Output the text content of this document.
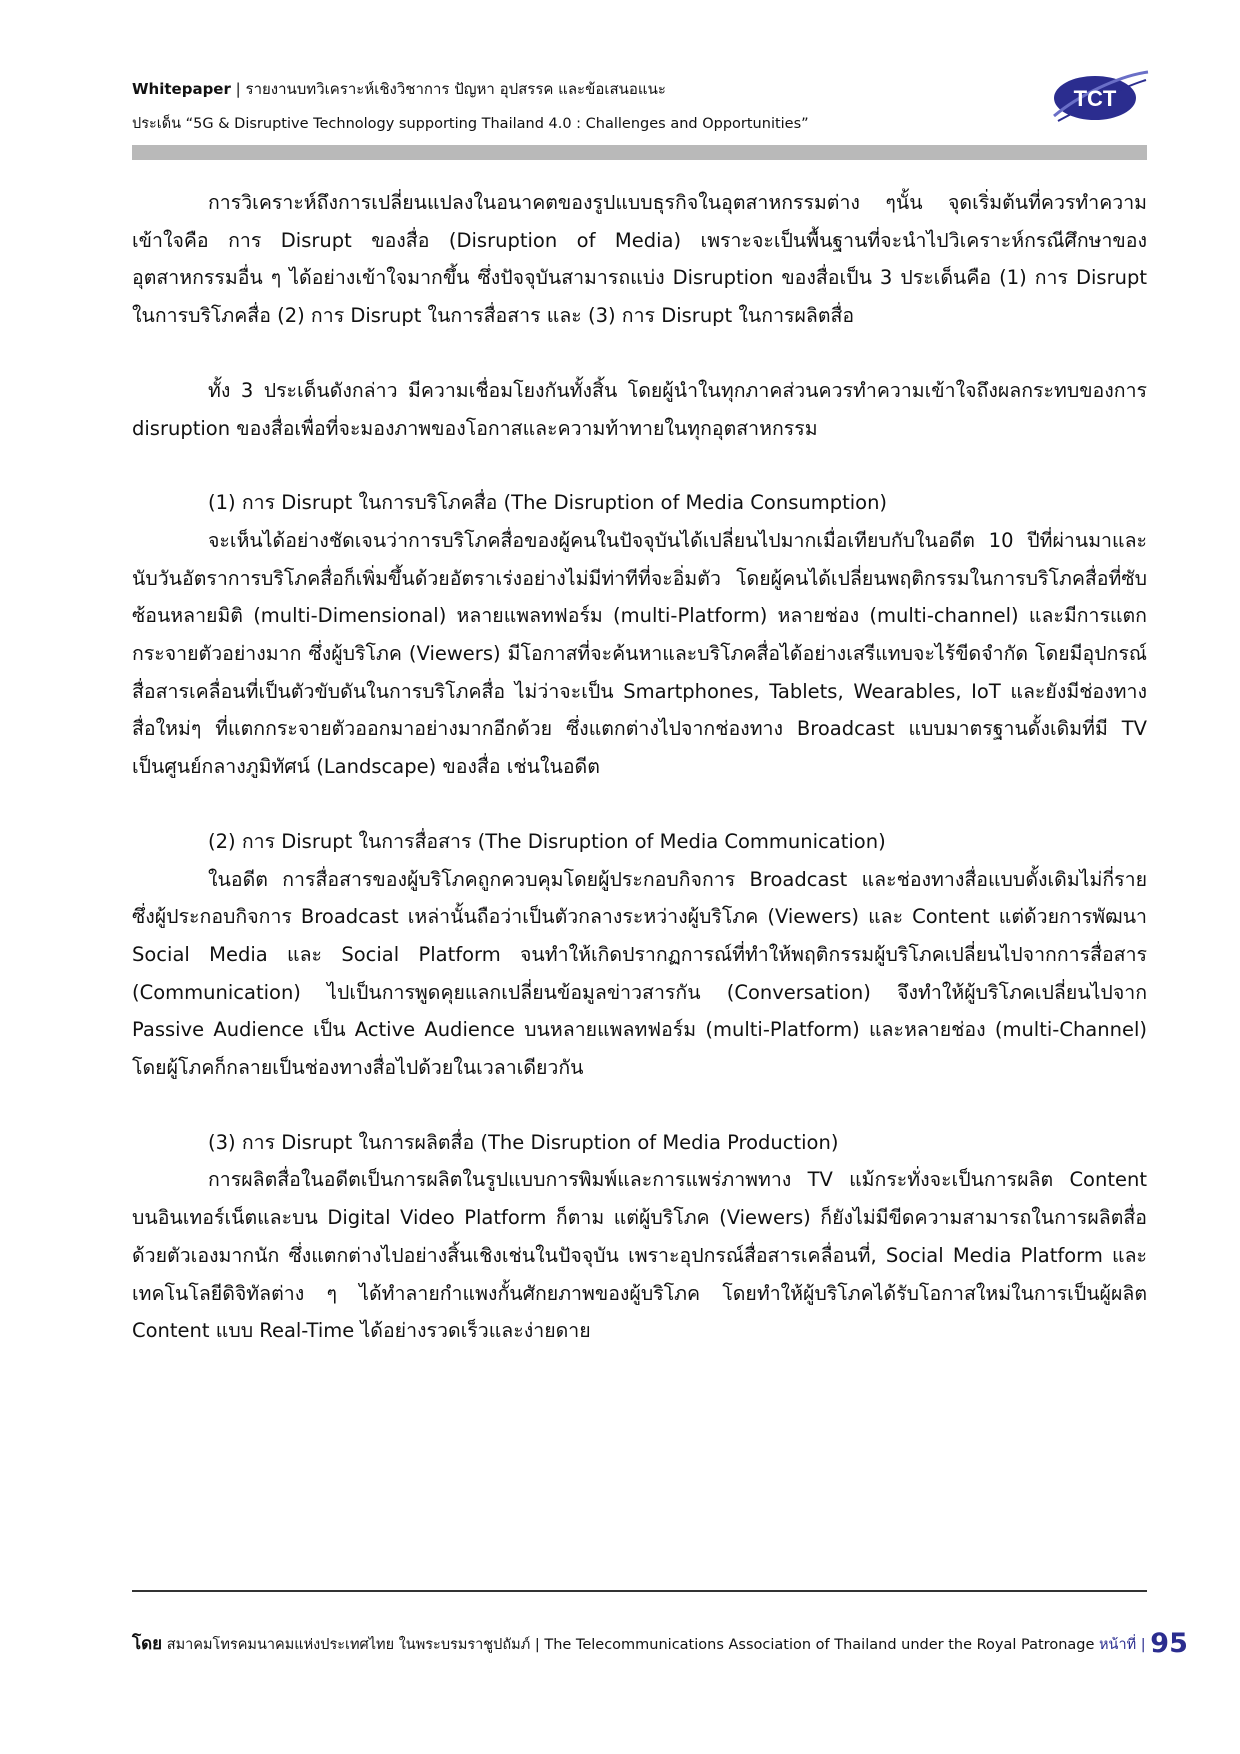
Whitepaper | รายงานบทวิเคราะห์เชิงวิชาการ ปัญหา อุปสรรค และข้อเสนอแนะ
ประเด็น “5G & Disruptive Technology supporting Thailand 4.0 : Challenges and Opportunities”
TCT

การวิเคราะห์ถึงการเปลี่ยนแปลงในอนาคตของรูปแบบธุรกิจในอุตสาหกรรมต่าง ๆนั้น จุดเริ่มต้นที่ควรทำความเข้าใจคือ การ Disrupt ของสื่อ (Disruption of Media) เพราะจะเป็นพื้นฐานที่จะนำไปวิเคราะห์กรณีศึกษาของอุตสาหกรรมอื่น ๆ ได้อย่างเข้าใจมากขึ้น ซึ่งปัจจุบันสามารถแบ่ง Disruption ของสื่อเป็น 3 ประเด็นคือ (1) การ Disrupt ในการบริโภคสื่อ (2) การ Disrupt ในการสื่อสาร และ (3) การ Disrupt ในการผลิตสื่อ

ทั้ง 3 ประเด็นดังกล่าว มีความเชื่อมโยงกันทั้งสิ้น โดยผู้นำในทุกภาคส่วนควรทำความเข้าใจถึงผลกระทบของการ disruption ของสื่อเพื่อที่จะมองภาพของโอกาสและความท้าทายในทุกอุตสาหกรรม

(1) การ Disrupt ในการบริโภคสื่อ (The Disruption of Media Consumption)

จะเห็นได้อย่างชัดเจนว่าการบริโภคสื่อของผู้คนในปัจจุบันได้เปลี่ยนไปมากเมื่อเทียบกับในอดีต 10 ปีที่ผ่านมาและนับวันอัตราการบริโภคสื่อก็เพิ่มขึ้นด้วยอัตราเร่งอย่างไม่มีท่าทีที่จะอิ่มตัว โดยผู้คนได้เปลี่ยนพฤติกรรมในการบริโภคสื่อที่ซับซ้อนหลายมิติ (multi-Dimensional) หลายแพลทฟอร์ม (multi-Platform) หลายช่อง (multi-channel) และมีการแตกกระจายตัวอย่างมาก ซึ่งผู้บริโภค (Viewers) มีโอกาสที่จะค้นหาและบริโภคสื่อได้อย่างเสรีแทบจะไร้ขีดจำกัด โดยมีอุปกรณ์สื่อสารเคลื่อนที่เป็นตัวขับดันในการบริโภคสื่อ ไม่ว่าจะเป็น Smartphones, Tablets, Wearables, IoT และยังมีช่องทางสื่อใหม่ๆ ที่แตกกระจายตัวออกมาอย่างมากอีกด้วย ซึ่งแตกต่างไปจากช่องทาง Broadcast แบบมาตรฐานดั้งเดิมที่มี TV เป็นศูนย์กลางภูมิทัศน์ (Landscape) ของสื่อ เช่นในอดีต

(2) การ Disrupt ในการสื่อสาร (The Disruption of Media Communication)

ในอดีต การสื่อสารของผู้บริโภคถูกควบคุมโดยผู้ประกอบกิจการ Broadcast และช่องทางสื่อแบบดั้งเดิมไม่กี่ราย ซึ่งผู้ประกอบกิจการ Broadcast เหล่านั้นถือว่าเป็นตัวกลางระหว่างผู้บริโภค (Viewers) และ Content แต่ด้วยการพัฒนา Social Media และ Social Platform จนทำให้เกิดปรากฏการณ์ที่ทำให้พฤติกรรมผู้บริโภคเปลี่ยนไปจากการสื่อสาร (Communication) ไปเป็นการพูดคุยแลกเปลี่ยนข้อมูลข่าวสารกัน (Conversation) จึงทำให้ผู้บริโภคเปลี่ยนไปจาก Passive Audience เป็น Active Audience บนหลายแพลทฟอร์ม (multi-Platform) และหลายช่อง (multi-Channel) โดยผู้โภคก็กลายเป็นช่องทางสื่อไปด้วยในเวลาเดียวกัน

(3) การ Disrupt ในการผลิตสื่อ (The Disruption of Media Production)

การผลิตสื่อในอดีตเป็นการผลิตในรูปแบบการพิมพ์และการแพร่ภาพทาง TV แม้กระทั่งจะเป็นการผลิต Content บนอินเทอร์เน็ตและบน Digital Video Platform ก็ตาม แต่ผู้บริโภค (Viewers) ก็ยังไม่มีขีดความสามารถในการผลิตสื่อด้วยตัวเองมากนัก ซึ่งแตกต่างไปอย่างสิ้นเชิงเช่นในปัจจุบัน เพราะอุปกรณ์สื่อสารเคลื่อนที่, Social Media Platform และเทคโนโลยีดิจิทัลต่าง ๆ ได้ทำลายกำแพงกั้นศักยภาพของผู้บริโภค โดยทำให้ผู้บริโภคได้รับโอกาสใหม่ในการเป็นผู้ผลิต Content แบบ Real-Time ได้อย่างรวดเร็วและง่ายดาย

โดย สมาคมโทรคมนาคมแห่งประเทศไทย ในพระบรมราชูปถัมภ์ | The Telecommunications Association of Thailand under the Royal Patronage หน้าที่ | 95
